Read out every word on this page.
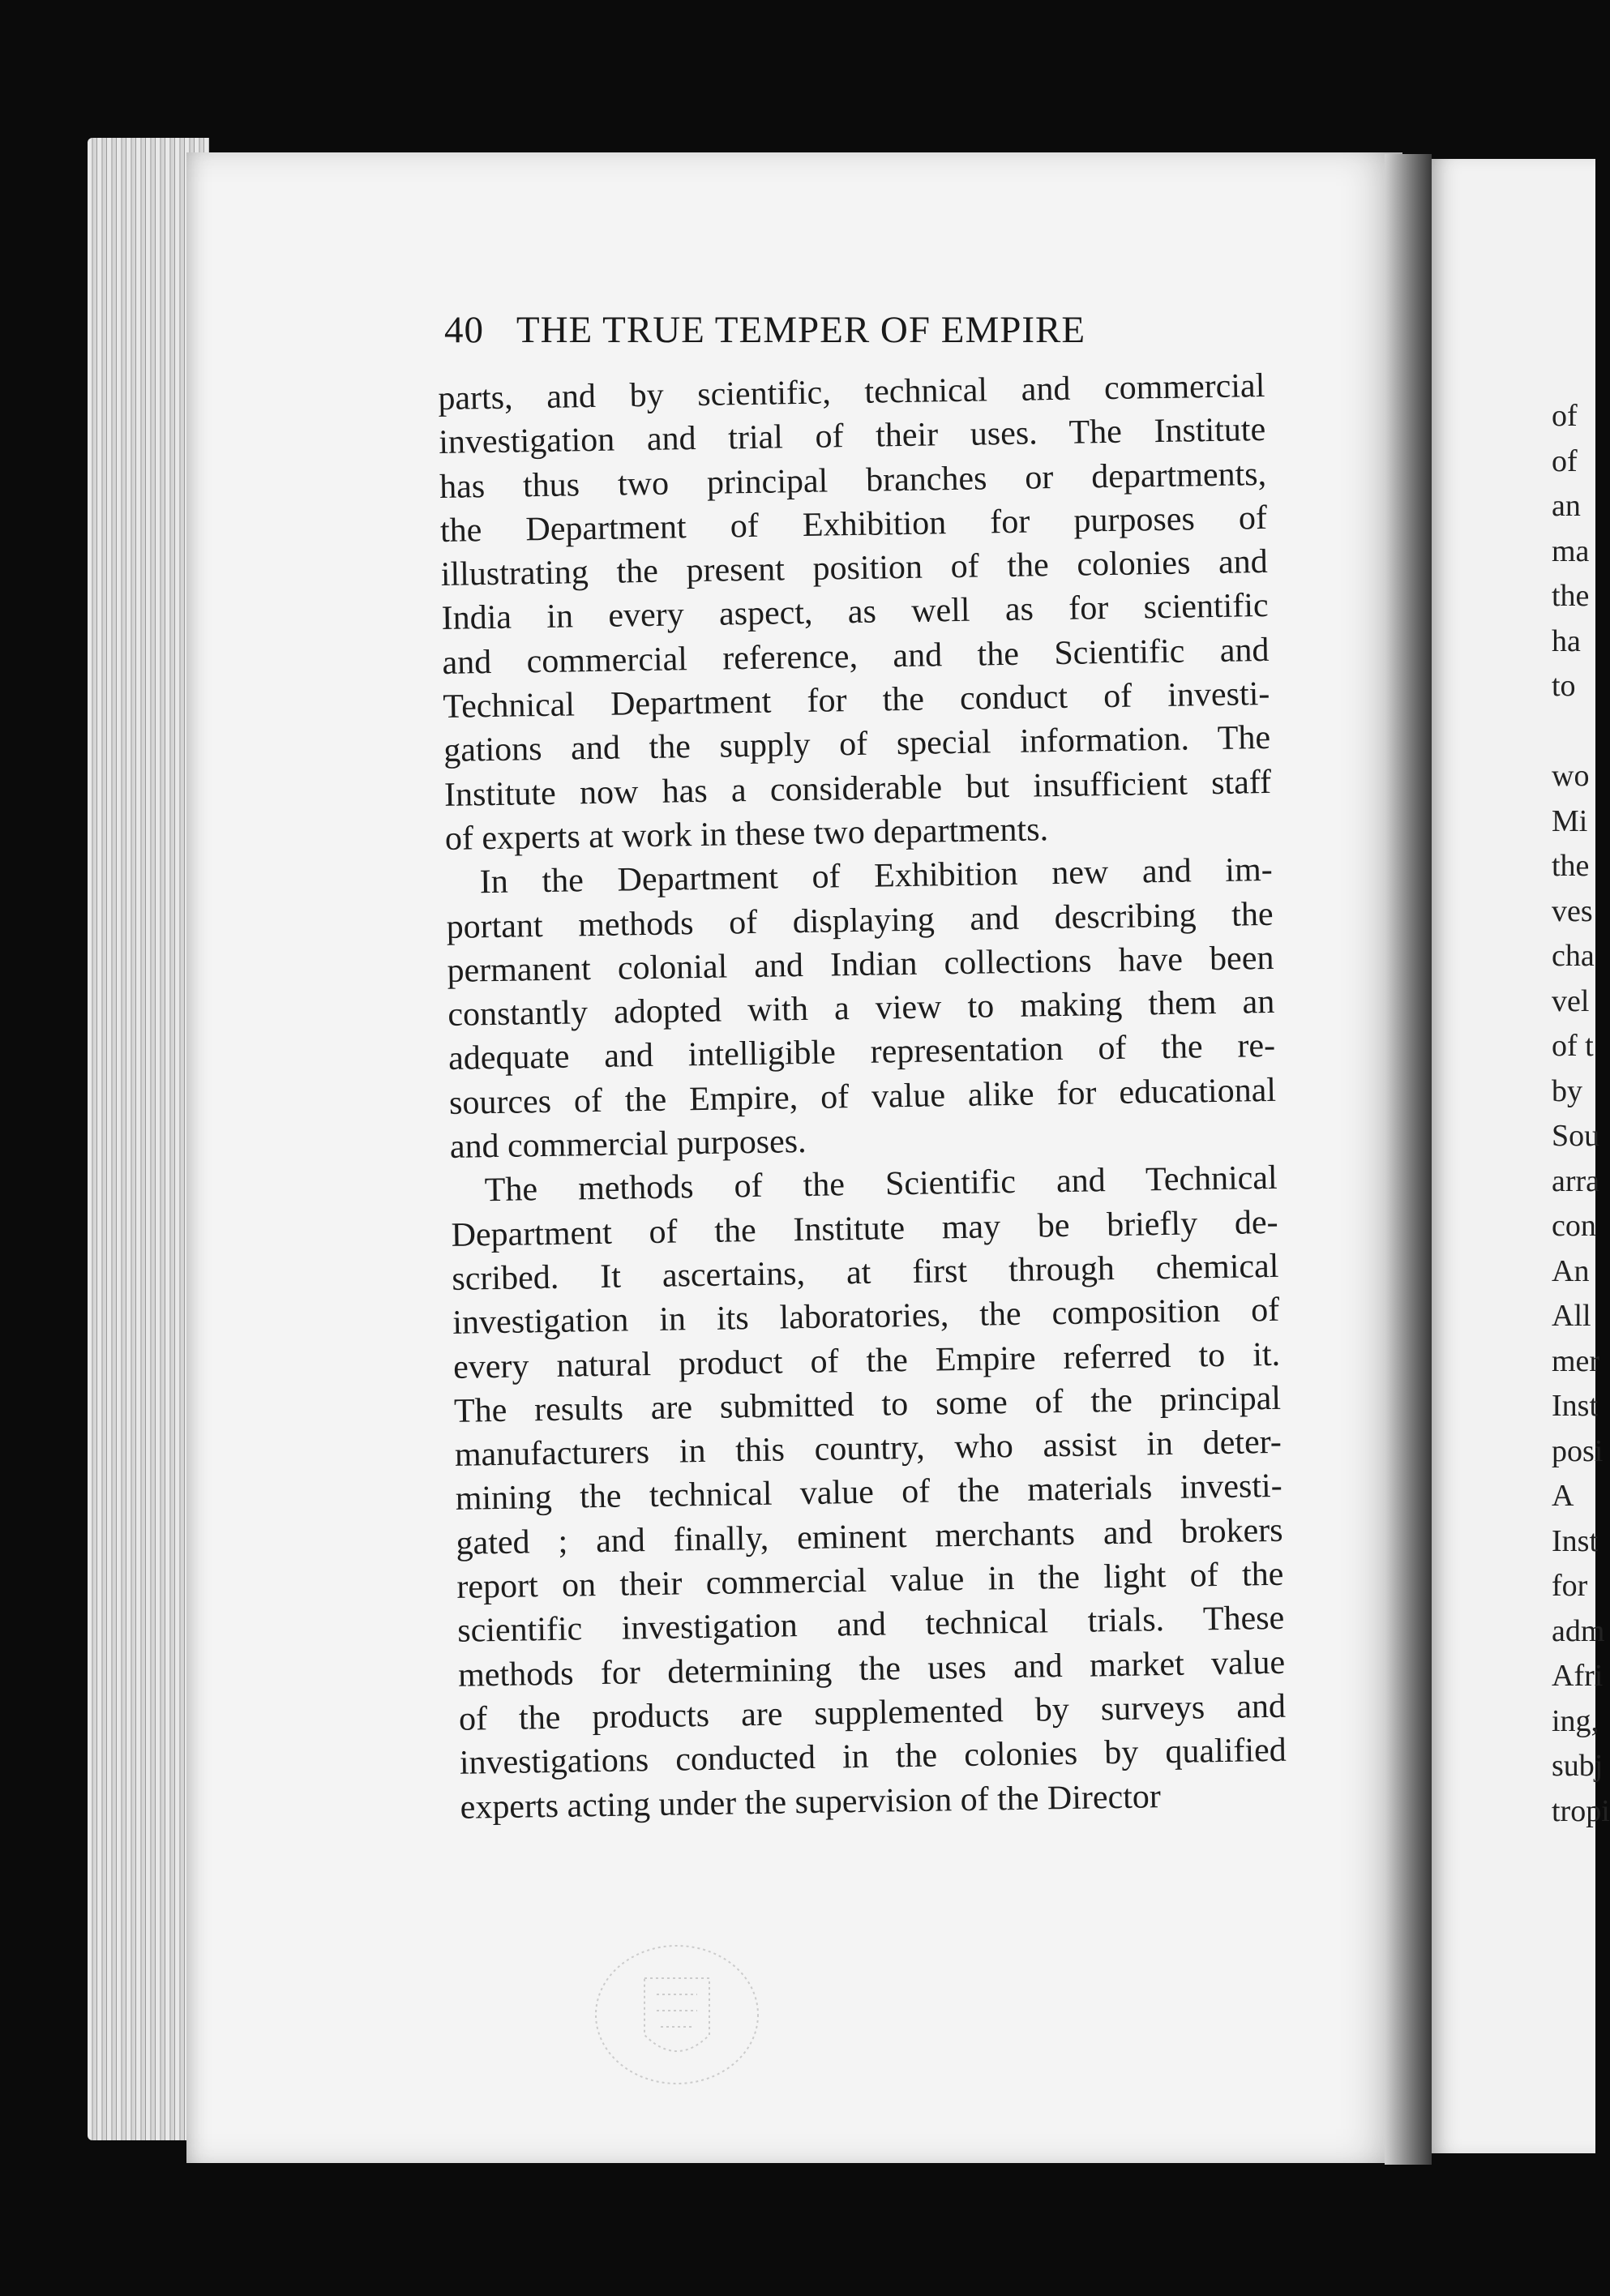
40 THE TRUE TEMPER OF EMPIRE
parts, and by scientific, technical and commercial
investigation and trial of their uses. The Institute
has thus two principal branches or departments,
the Department of Exhibition for purposes of
illustrating the present position of the colonies and
India in every aspect, as well as for scientific
and commercial reference, and the Scientific and
Technical Department for the conduct of investi-
gations and the supply of special information. The
Institute now has a considerable but insufficient staff
of experts at work in these two departments.
In the Department of Exhibition new and im-
portant methods of displaying and describing the
permanent colonial and Indian collections have been
constantly adopted with a view to making them an
adequate and intelligible representation of the re-
sources of the Empire, of value alike for educational
and commercial purposes.
The methods of the Scientific and Technical
Department of the Institute may be briefly de-
scribed. It ascertains, at first through chemical
investigation in its laboratories, the composition of
every natural product of the Empire referred to it.
The results are submitted to some of the principal
manufacturers in this country, who assist in deter-
mining the technical value of the materials investi-
gated ; and finally, eminent merchants and brokers
report on their commercial value in the light of the
scientific investigation and technical trials. These
methods for determining the uses and market value
of the products are supplemented by surveys and
investigations conducted in the colonies by qualified
experts acting under the supervision of the Director
of
of
an
ma
the
ha
to

wo
Mi
the
ves
cha
vel
of t
by
Sou
arra
con
An
All
mer
Inst
posi
A
Inst
for
adm
Afri
ing,
subj
tropi
